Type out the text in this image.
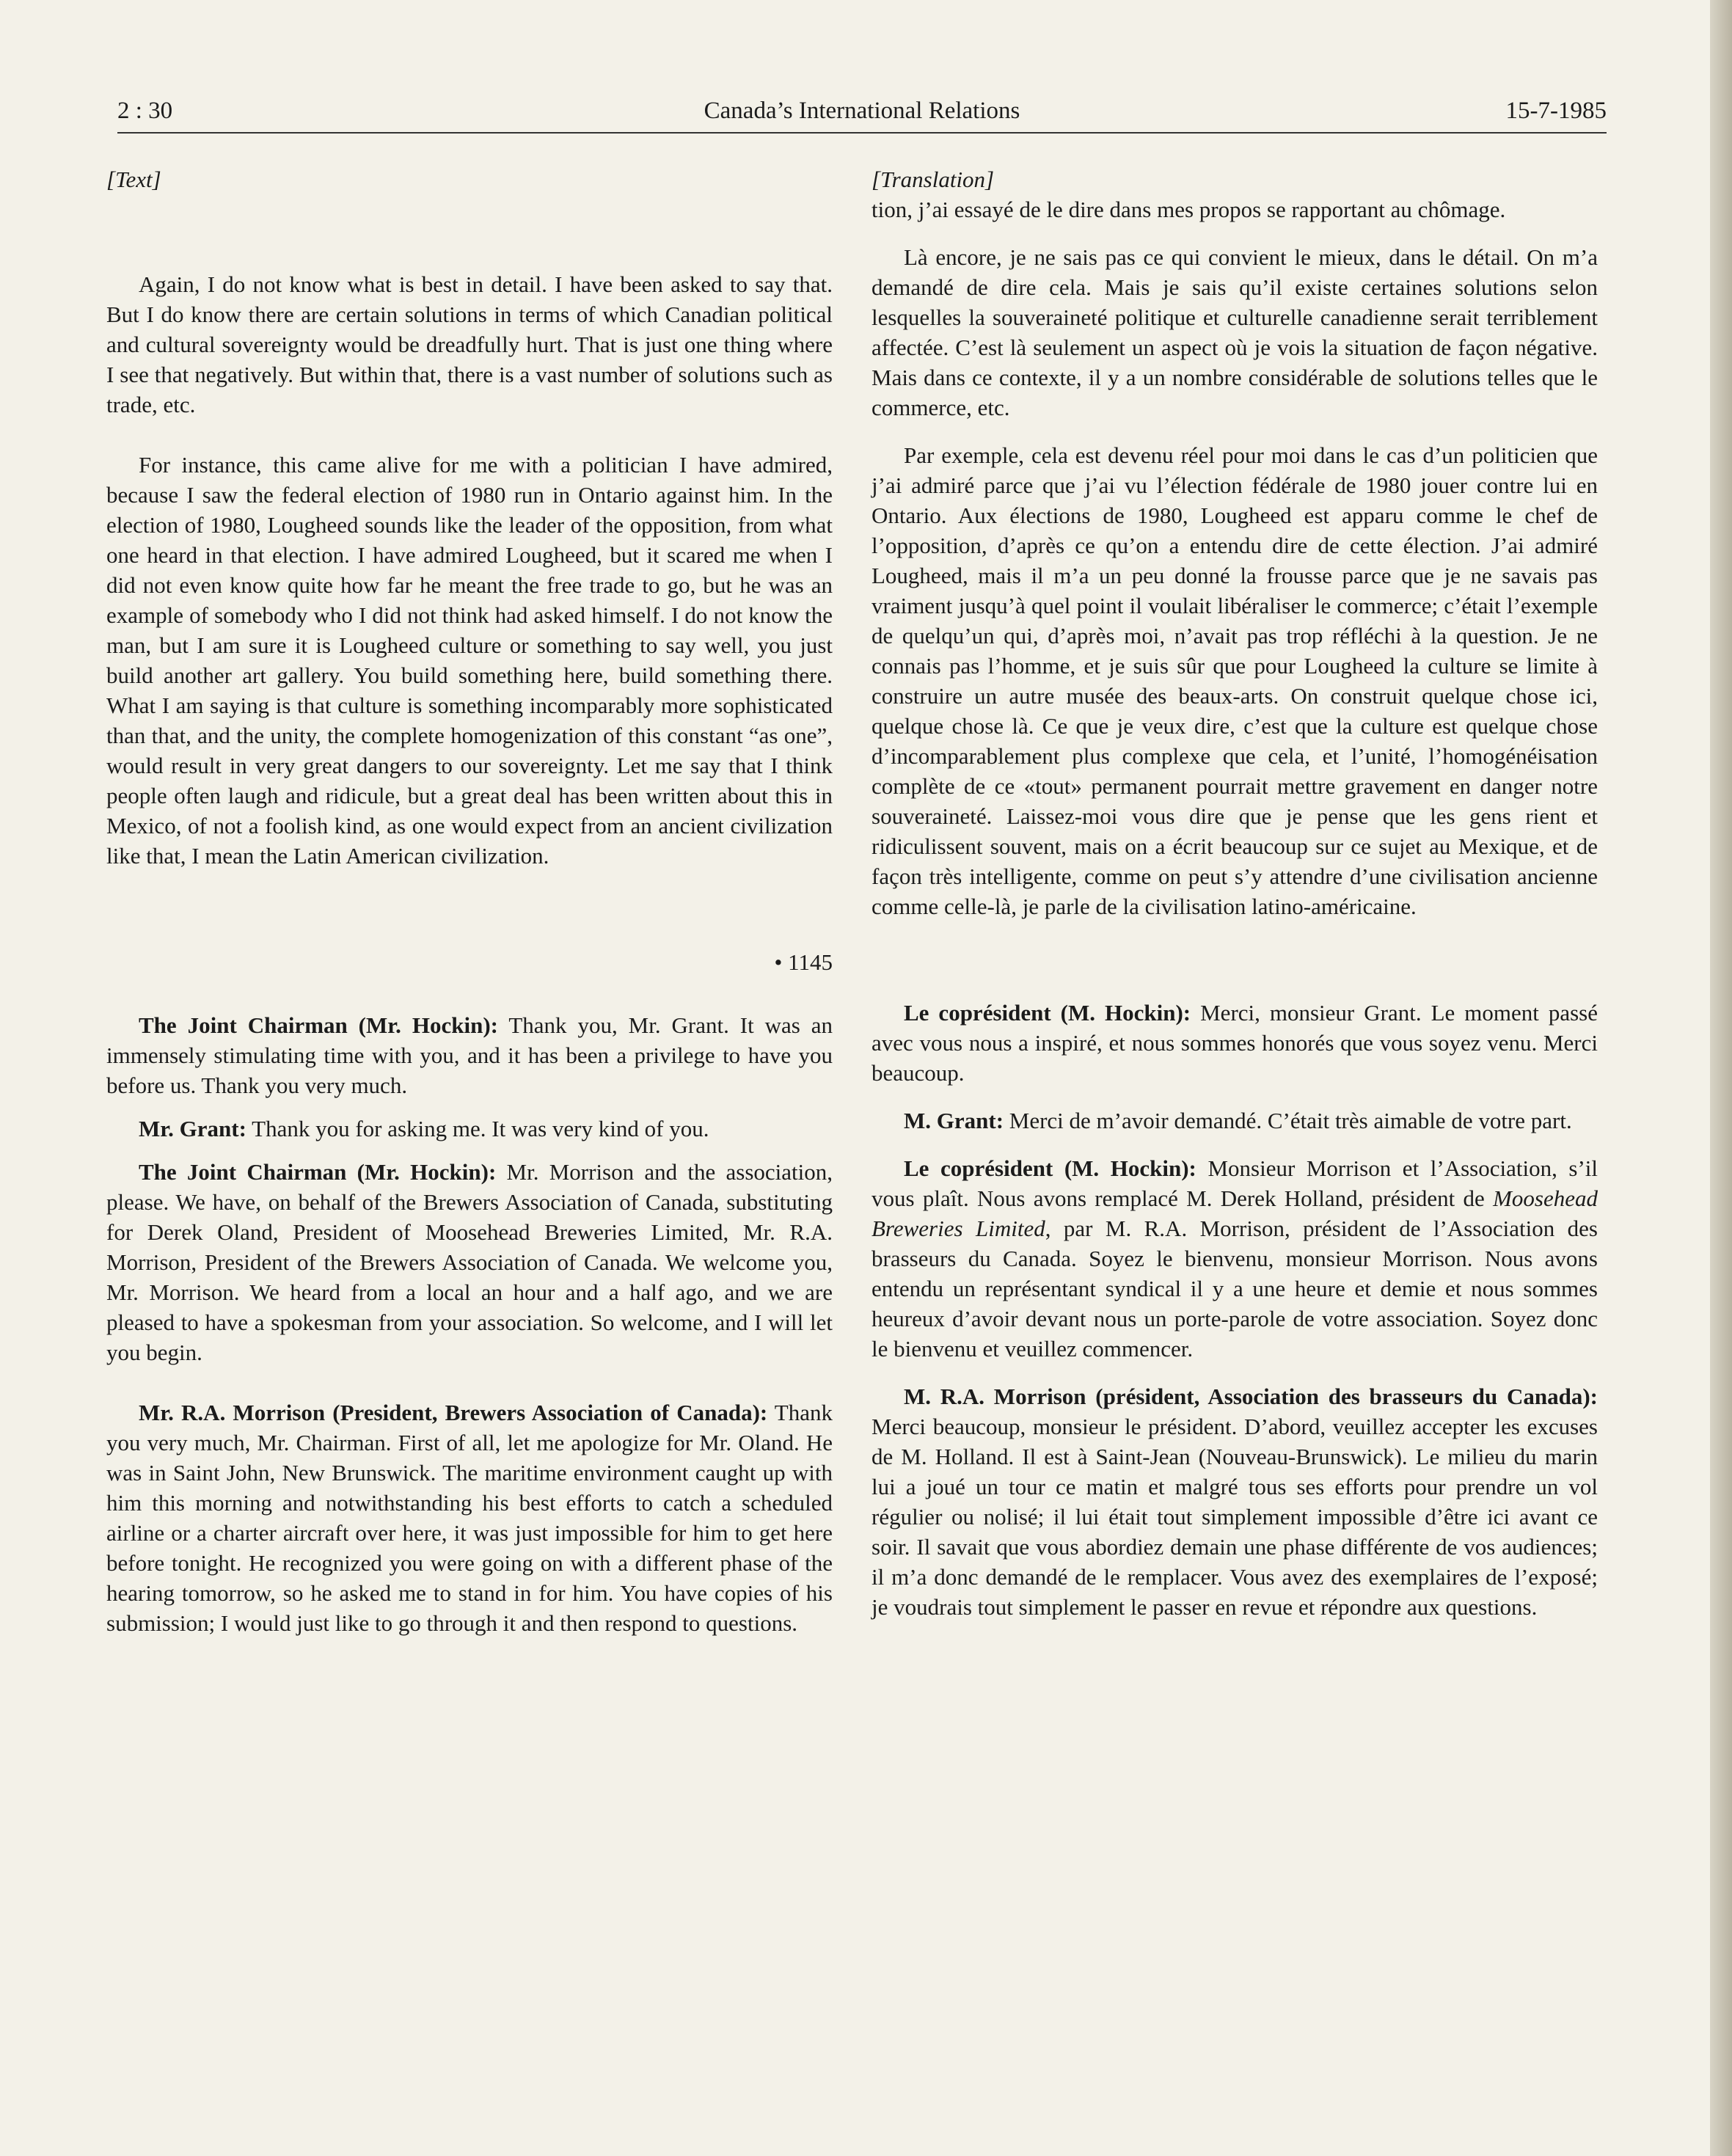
2 : 30	Canada’s International Relations	15-7-1985

[Text]

Again, I do not know what is best in detail. I have been asked to say that. But I do know there are certain solutions in terms of which Canadian political and cultural sovereignty would be dreadfully hurt. That is just one thing where I see that negatively. But within that, there is a vast number of solutions such as trade, etc.

For instance, this came alive for me with a politician I have admired, because I saw the federal election of 1980 run in Ontario against him. In the election of 1980, Lougheed sounds like the leader of the opposition, from what one heard in that election. I have admired Lougheed, but it scared me when I did not even know quite how far he meant the free trade to go, but he was an example of somebody who I did not think had asked himself. I do not know the man, but I am sure it is Lougheed culture or something to say well, you just build another art gallery. You build something here, build something there. What I am saying is that culture is something incomparably more sophisticated than that, and the unity, the complete homogenization of this constant “as one”, would result in very great dangers to our sovereignty. Let me say that I think people often laugh and ridicule, but a great deal has been written about this in Mexico, of not a foolish kind, as one would expect from an ancient civilization like that, I mean the Latin American civilization.

• 1145

The Joint Chairman (Mr. Hockin): Thank you, Mr. Grant. It was an immensely stimulating time with you, and it has been a privilege to have you before us. Thank you very much.

Mr. Grant: Thank you for asking me. It was very kind of you.

The Joint Chairman (Mr. Hockin): Mr. Morrison and the association, please. We have, on behalf of the Brewers Association of Canada, substituting for Derek Oland, President of Moosehead Breweries Limited, Mr. R.A. Morrison, President of the Brewers Association of Canada. We welcome you, Mr. Morrison. We heard from a local an hour and a half ago, and we are pleased to have a spokesman from your association. So welcome, and I will let you begin.

Mr. R.A. Morrison (President, Brewers Association of Canada): Thank you very much, Mr. Chairman. First of all, let me apologize for Mr. Oland. He was in Saint John, New Brunswick. The maritime environment caught up with him this morning and notwithstanding his best efforts to catch a scheduled airline or a charter aircraft over here, it was just impossible for him to get here before tonight. He recognized you were going on with a different phase of the hearing tomorrow, so he asked me to stand in for him. You have copies of his submission; I would just like to go through it and then respond to questions.

[Translation]

tion, j’ai essayé de le dire dans mes propos se rapportant au chômage.

Là encore, je ne sais pas ce qui convient le mieux, dans le détail. On m’a demandé de dire cela. Mais je sais qu’il existe certaines solutions selon lesquelles la souveraineté politique et culturelle canadienne serait terriblement affectée. C’est là seulement un aspect où je vois la situation de façon négative. Mais dans ce contexte, il y a un nombre considérable de solutions telles que le commerce, etc.

Par exemple, cela est devenu réel pour moi dans le cas d’un politicien que j’ai admiré parce que j’ai vu l’élection fédérale de 1980 jouer contre lui en Ontario. Aux élections de 1980, Lougheed est apparu comme le chef de l’opposition, d’après ce qu’on a entendu dire de cette élection. J’ai admiré Lougheed, mais il m’a un peu donné la frousse parce que je ne savais pas vraiment jusqu’à quel point il voulait libéraliser le commerce; c’était l’exemple de quelqu’un qui, d’après moi, n’avait pas trop réfléchi à la question. Je ne connais pas l’homme, et je suis sûr que pour Lougheed la culture se limite à construire un autre musée des beaux-arts. On construit quelque chose ici, quelque chose là. Ce que je veux dire, c’est que la culture est quelque chose d’incomparablement plus complexe que cela, et l’unité, l’homogénéisation complète de ce «tout» permanent pourrait mettre gravement en danger notre souveraineté. Laissez-moi vous dire que je pense que les gens rient et ridiculissent souvent, mais on a écrit beaucoup sur ce sujet au Mexique, et de façon très intelligente, comme on peut s’y attendre d’une civilisation ancienne comme celle-là, je parle de la civilisation latino-américaine.

Le coprésident (M. Hockin): Merci, monsieur Grant. Le moment passé avec vous nous a inspiré, et nous sommes honorés que vous soyez venu. Merci beaucoup.

M. Grant: Merci de m’avoir demandé. C’était très aimable de votre part.

Le coprésident (M. Hockin): Monsieur Morrison et l’Association, s’il vous plaît. Nous avons remplacé M. Derek Holland, président de Moosehead Breweries Limited, par M. R.A. Morrison, président de l’Association des brasseurs du Canada. Soyez le bienvenu, monsieur Morrison. Nous avons entendu un représentant syndical il y a une heure et demie et nous sommes heureux d’avoir devant nous un porte-parole de votre association. Soyez donc le bienvenu et veuillez commencer.

M. R.A. Morrison (président, Association des brasseurs du Canada): Merci beaucoup, monsieur le président. D’abord, veuillez accepter les excuses de M. Holland. Il est à Saint-Jean (Nouveau-Brunswick). Le milieu du marin lui a joué un tour ce matin et malgré tous ses efforts pour prendre un vol régulier ou nolisé; il lui était tout simplement impossible d’être ici avant ce soir. Il savait que vous abordiez demain une phase différente de vos audiences; il m’a donc demandé de le remplacer. Vous avez des exemplaires de l’exposé; je voudrais tout simplement le passer en revue et répondre aux questions.
